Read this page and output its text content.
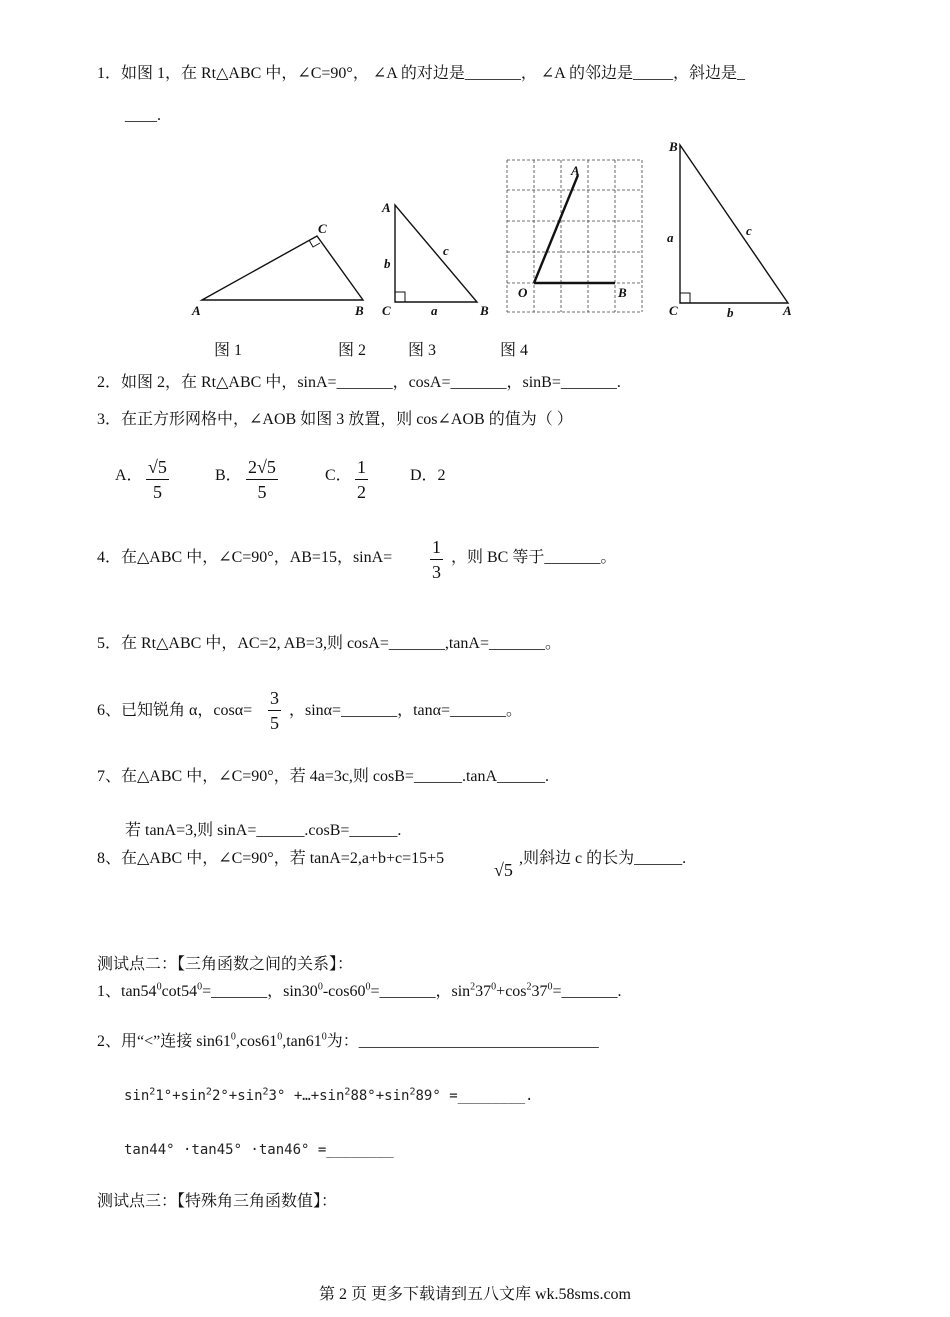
1．如图 1，在 Rt△ABC 中，∠C=90°， ∠A 的对边是_______， ∠A 的邻边是_____，斜边是_
____.
A
C
B
A
C	B
b
a
c
O
A
B
B
C	A
a
b
c
图 1	图 2	图 3	图 4
2．如图 2，在 Rt△ABC 中，sinA=_______，cosA=_______，sinB=_______.
3．在正方形网格中，∠AOB 如图 3 放置，则 cos∠AOB 的值为（ ）
A． $\frac{√5}{5}$	B． $\frac{2√5}{5}$	C． $\frac{1}{2}$	D．2
4．在△ABC 中，∠C=90°，AB=15，$\sin A= \frac{1}{3}$ ，则 BC 等于_______。
5．在 Rt△ABC 中，AC=2, AB=3,则 cosA=_______,tanA=_______。
6、已知锐角 α，$\cos\alpha= \frac{3}{5}$ ，sinα=_______，tanα=_______。
7、在△ABC 中，∠C=90°，若 4a=3c,则 cosB=______.tanA______.
若 tanA=3,则 sinA=______.cosB=______.
8、在△ABC 中，∠C=90°，若 tanA=2,a+b+c=15+5
√5
,则斜边 c 的长为______.
测试点二：【三角函数之间的关系】：
1、$\tan 54^0\cot 54^0=\_\_\_\_\_\_\_$，$\sin 30^0-\cos 60^0=\_\_\_\_\_\_\_$，$\sin^237^0+\cos^237^0=\_\_\_\_\_\_\_$.
2、用“<”连接 $\sin 61^0,\cos 61^0,\tan 61^0$为：______________________________
$\sin^21^\circ+\sin^22^\circ+\sin^23^\circ$ $+\dots+\sin^288^\circ+\sin^289^\circ$ =________.
tan44° ·tan45° ·tan46° =________
测试点三：【特殊角三角函数值】：
第 2 页 更多下载请到五八文库 wk.58sms.com
